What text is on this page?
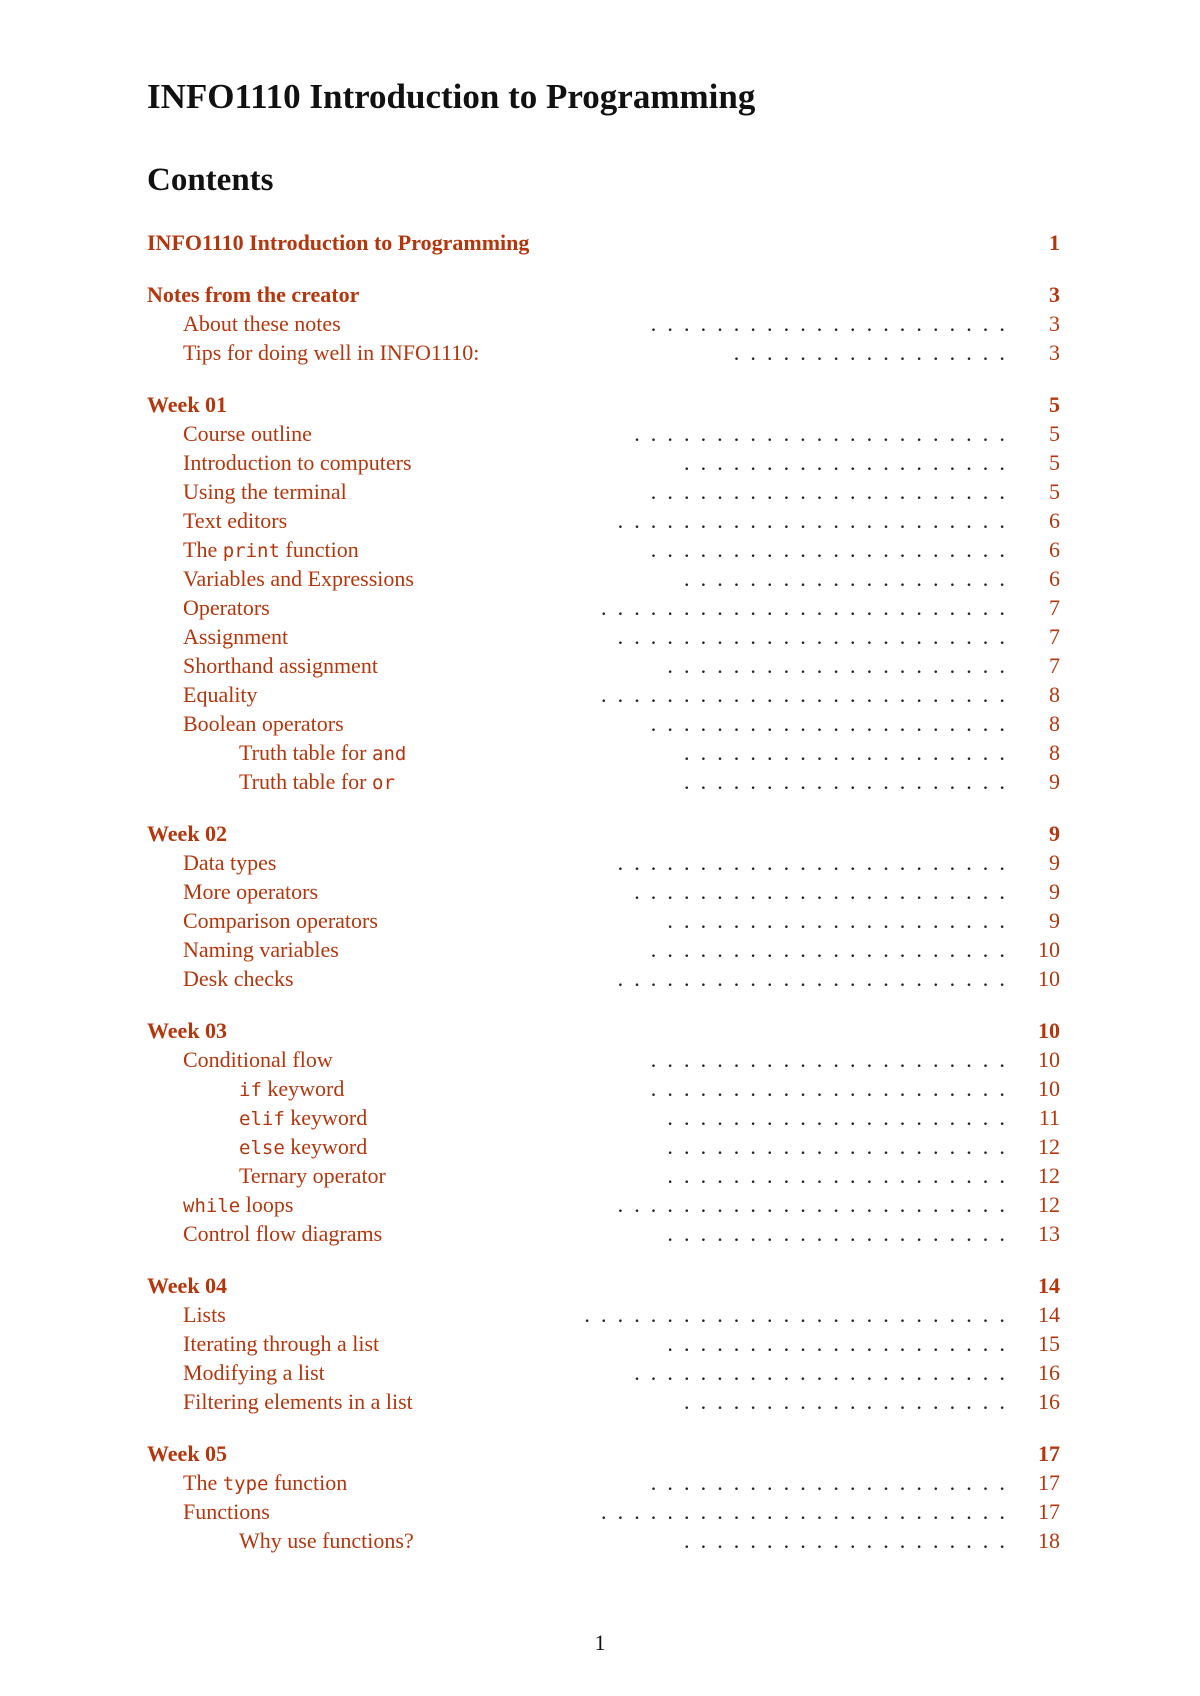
INFO1110 Introduction to Programming
Contents
INFO1110 Introduction to Programming	1
Notes from the creator	3
About these notes	...................... 3
Tips for doing well in INFO1110:	................. 3
Week 01	5
Course outline	....................... 5
Introduction to computers	.................... 5
Using the terminal	...................... 5
Text editors	........................ 6
The print function	...................... 6
Variables and Expressions	.................... 6
Operators	......................... 7
Assignment	........................ 7
Shorthand assignment	..................... 7
Equality	......................... 8
Boolean operators	...................... 8
Truth table for and	.................... 8
Truth table for or	.................... 9
Week 02	9
Data types	........................ 9
More operators	....................... 9
Comparison operators	..................... 9
Naming variables	...................... 10
Desk checks	........................ 10
Week 03	10
Conditional flow	...................... 10
if keyword	...................... 10
elif keyword	..................... 11
else keyword	..................... 12
Ternary operator	..................... 12
while loops	........................ 12
Control flow diagrams	..................... 13
Week 04	14
Lists	.......................... 14
Iterating through a list	..................... 15
Modifying a list	....................... 16
Filtering elements in a list	.................... 16
Week 05	17
The type function	...................... 17
Functions	......................... 17
Why use functions?	.................... 18
1
